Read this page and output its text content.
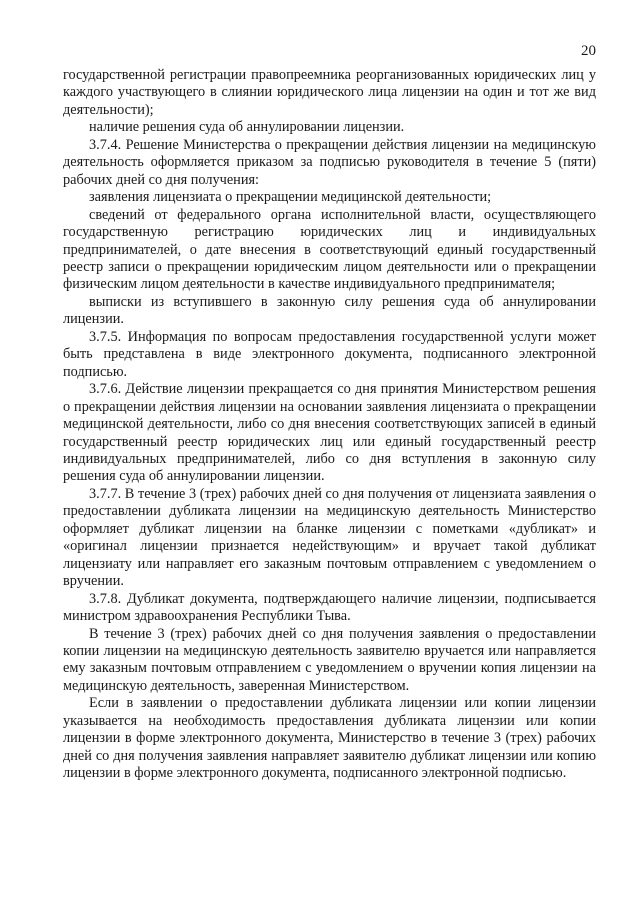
20

государственной регистрации правопреемника реорганизованных юридических лиц у каждого участвующего в слиянии юридического лица лицензии на один и тот же вид деятельности);

наличие решения суда об аннулировании лицензии.

3.7.4. Решение Министерства о прекращении действия лицензии на медицинскую деятельность оформляется приказом за подписью руководителя в течение 5 (пяти) рабочих дней со дня получения:

заявления лицензиата о прекращении медицинской деятельности;

сведений от федерального органа исполнительной власти, осуществляющего государственную регистрацию юридических лиц и индивидуальных предпринимателей, о дате внесения в соответствующий единый государственный реестр записи о прекращении юридическим лицом деятельности или о прекращении физическим лицом деятельности в качестве индивидуального предпринимателя;

выписки из вступившего в законную силу решения суда об аннулировании лицензии.

3.7.5. Информация по вопросам предоставления государственной услуги может быть представлена в виде электронного документа, подписанного электронной подписью.

3.7.6. Действие лицензии прекращается со дня принятия Министерством решения о прекращении действия лицензии на основании заявления лицензиата о прекращении медицинской деятельности, либо со дня внесения соответствующих записей в единый государственный реестр юридических лиц или единый государственный реестр индивидуальных предпринимателей, либо со дня вступления в законную силу решения суда об аннулировании лицензии.

3.7.7. В течение 3 (трех) рабочих дней со дня получения от лицензиата заявления о предоставлении дубликата лицензии на медицинскую деятельность Министерство оформляет дубликат лицензии на бланке лицензии с пометками «дубликат» и «оригинал лицензии признается недействующим» и вручает такой дубликат лицензиату или направляет его заказным почтовым отправлением с уведомлением о вручении.

3.7.8. Дубликат документа, подтверждающего наличие лицензии, подписывается министром здравоохранения Республики Тыва.

В течение 3 (трех) рабочих дней со дня получения заявления о предоставлении копии лицензии на медицинскую деятельность заявителю вручается или направляется ему заказным почтовым отправлением с уведомлением о вручении копия лицензии на медицинскую деятельность, заверенная Министерством.

Если в заявлении о предоставлении дубликата лицензии или копии лицензии указывается на необходимость предоставления дубликата лицензии или копии лицензии в форме электронного документа, Министерство в течение 3 (трех) рабочих дней со дня получения заявления направляет заявителю дубликат лицензии или копию лицензии в форме электронного документа, подписанного электронной подписью.
